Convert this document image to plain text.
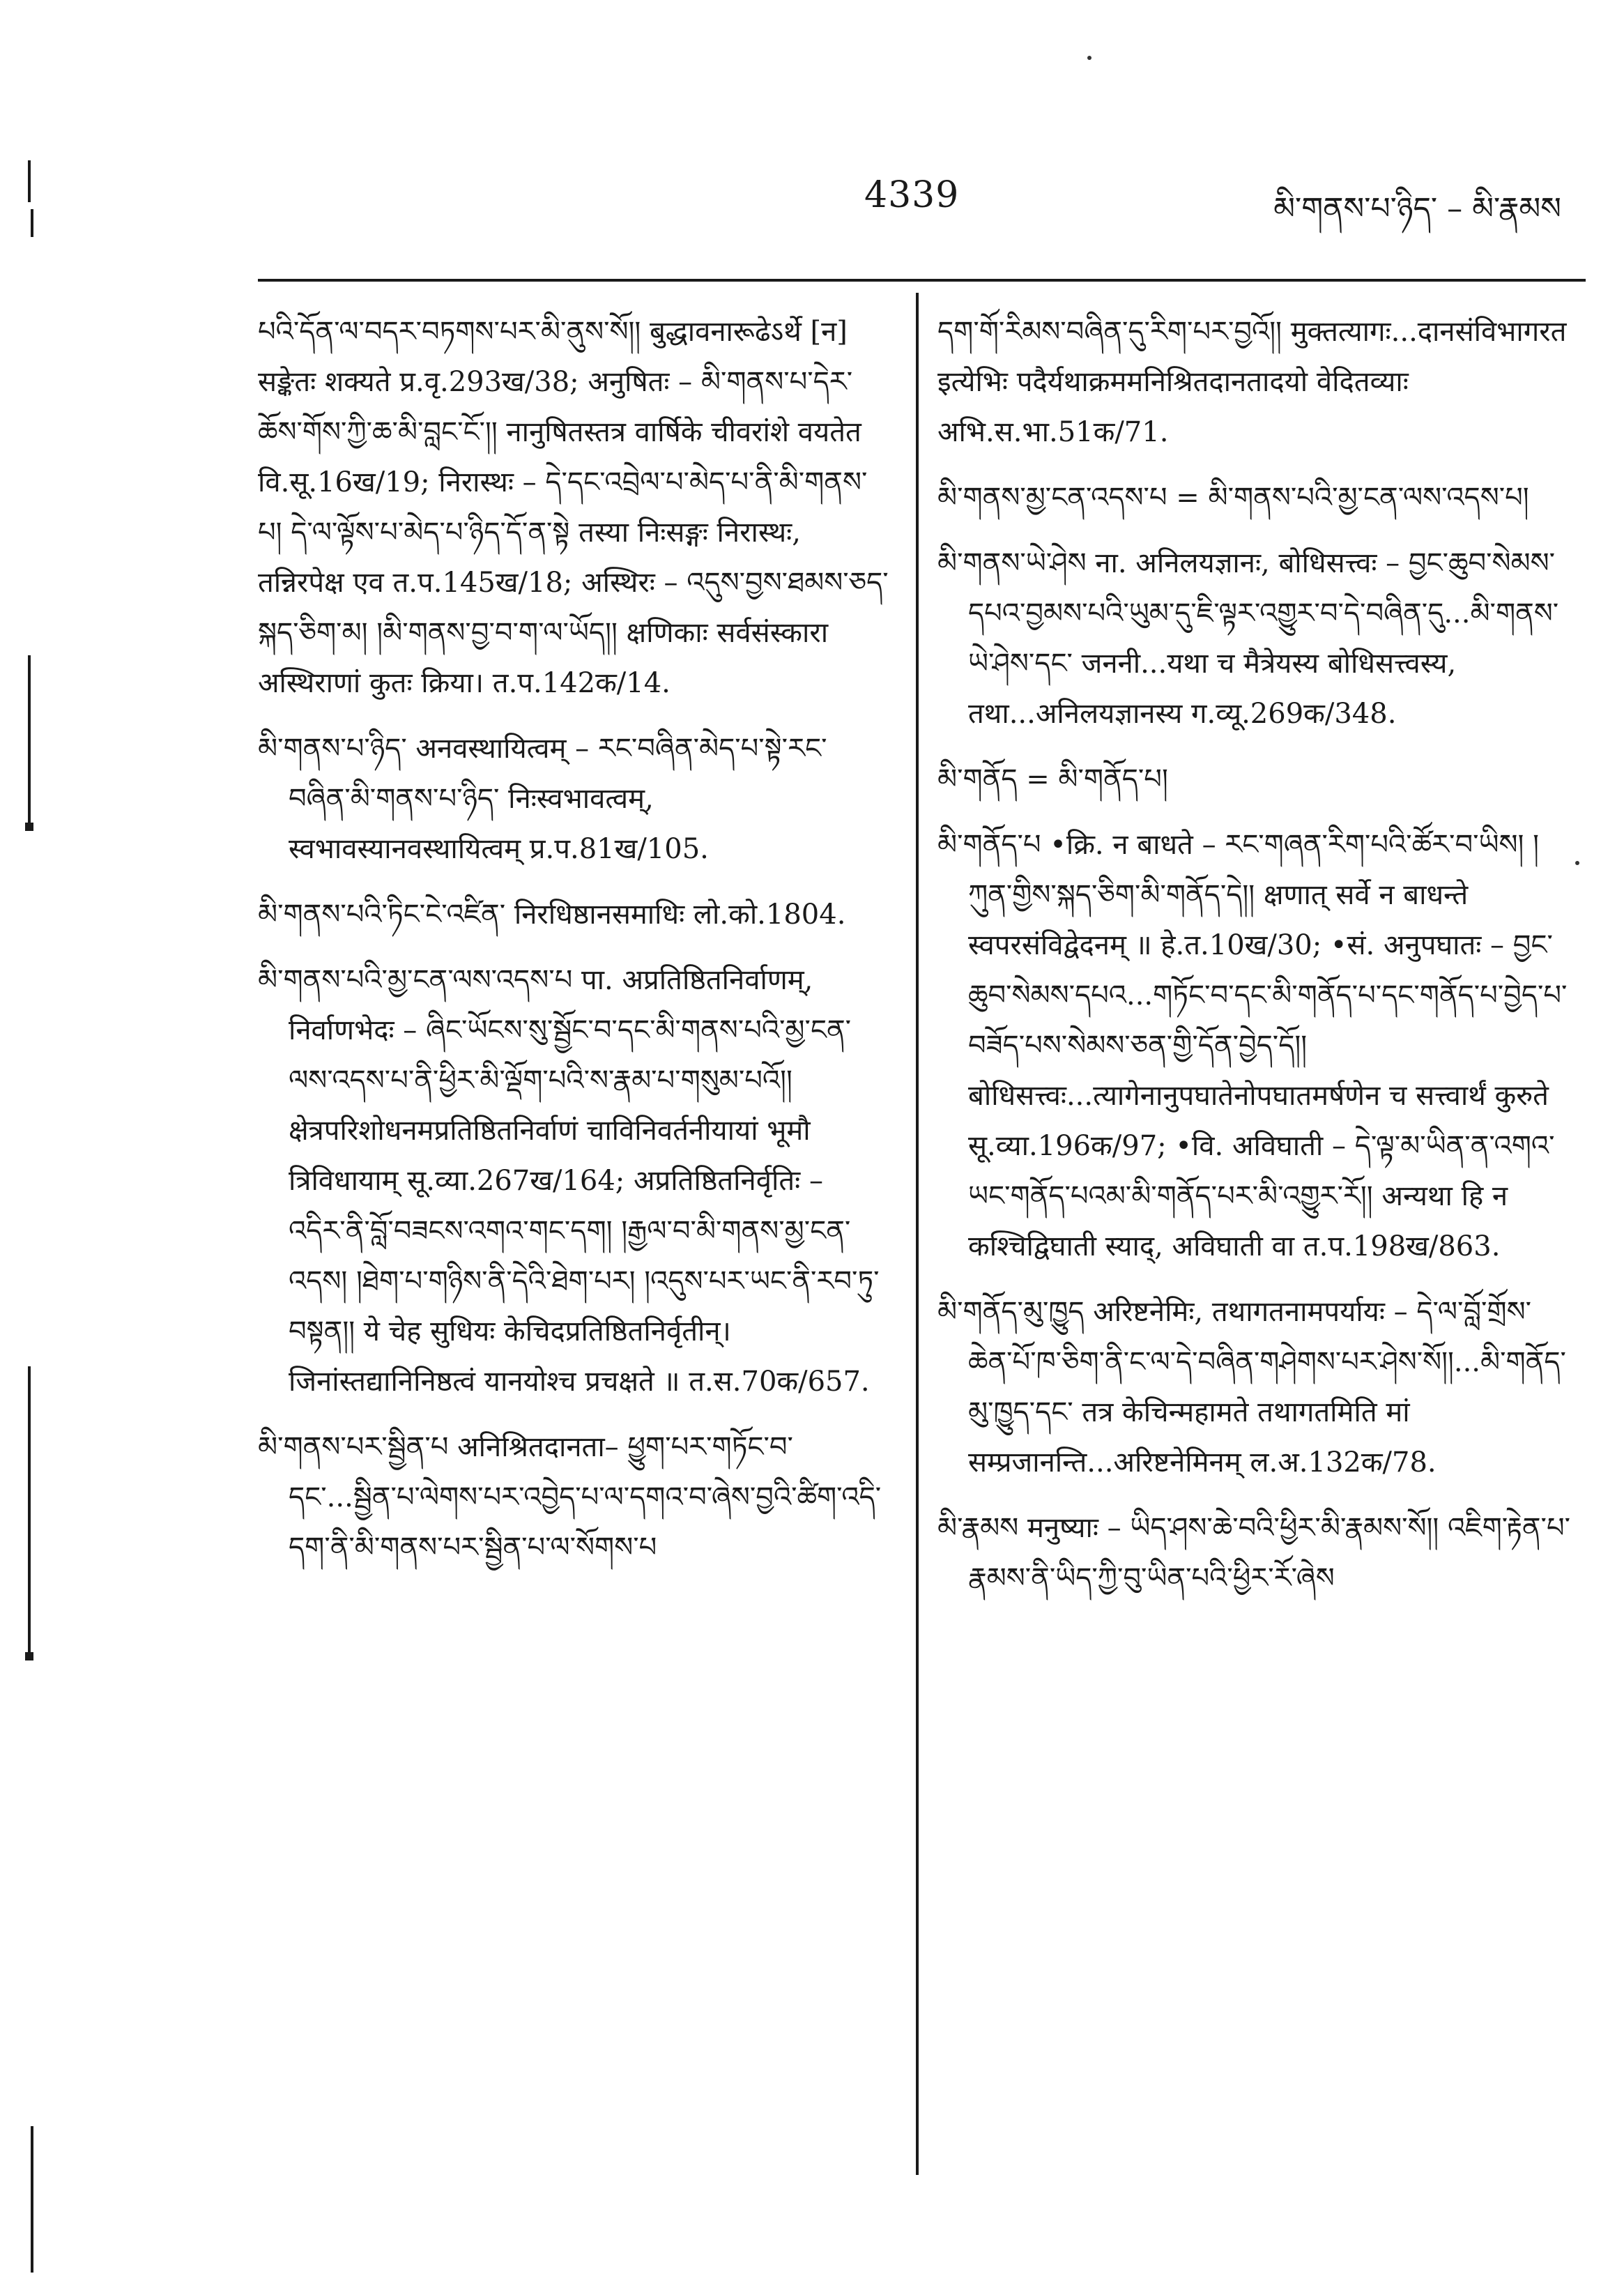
4339	མི་གནས་པ་ཉིད་ – མི་རྣམས

པའི་དོན་ལ་བདར་བཏགས་པར་མི་ནུས་སོ།། बुद्धावनारूढेऽर्थे [न] सङ्केतः शक्यते प्र.वृ.293ख/38; अनुषितः – མི་གནས་པ་དེར་ཆོས་གོས་ཀྱི་ཆ་མི་བླང་ངོ་།། नानुषितस्तत्र वार्षिके चीवरांशे वयतेत वि.सू.16ख/19; निरास्थः – དེ་དང་འབྲེལ་པ་མེད་པ་ནི་མི་གནས་པ། དེ་ལ་ལྟོས་པ་མེད་པ་ཉིད་དོ་ན་སྟེ तस्या निःसङ्गः निरास्थः, तन्निरपेक्ष एव त.प.145ख/18; अस्थिरः – འདུས་བྱས་ཐམས་ཅད་སྐད་ཅིག་མ། །མི་གནས་བྱ་བ་ག་ལ་ཡོད།། क्षणिकाः सर्वसंस्कारा अस्थिराणां कुतः क्रिया। त.प.142क/14.

མི་གནས་པ་ཉིད་ अनवस्थायित्वम् – རང་བཞིན་མེད་པ་སྟེ་རང་བཞིན་མི་གནས་པ་ཉིད་ निःस्वभावत्वम्, स्वभावस्यानवस्थायित्वम् प्र.प.81ख/105.

མི་གནས་པའི་ཏིང་ངེ་འཛིན་ निरधिष्ठानसमाधिः लो.को.1804.

མི་གནས་པའི་མྱ་ངན་ལས་འདས་པ पा. अप्रतिष्ठितनिर्वाणम्, निर्वाणभेदः – ཞིང་ཡོངས་སུ་སྦྱོང་བ་དང་མི་གནས་པའི་མྱ་ངན་ལས་འདས་པ་ནི་ཕྱིར་མི་ལྡོག་པའི་ས་རྣམ་པ་གསུམ་པའོ།། क्षेत्रपरिशोधनमप्रतिष्ठितनिर्वाणं चाविनिवर्तनीयायां भूमौ त्रिविधायाम् सू.व्या.267ख/164; अप्रतिष्ठितनिर्वृतिः – འདིར་ནི་བློ་བཟངས་འགའ་གང་དག། །རྒྱལ་བ་མི་གནས་མྱ་ངན་འདས། །ཐེག་པ་གཉིས་ནི་དེའི་ཐེག་པར། །འདུས་པར་ཡང་ནི་རབ་ཏུ་བསྟན།། ये चेह सुधियः केचिदप्रतिष्ठितनिर्वृतीन्। जिनांस्तद्यानिनिष्ठत्वं यानयोश्च प्रचक्षते ॥ त.स.70क/657.

མི་གནས་པར་སྦྱིན་པ अनिश्रितदानता– ཕྱུག་པར་གཏོང་བ་དང་...སྦྱིན་པ་ལེགས་པར་འབྱེད་པ་ལ་དགའ་བ་ཞེས་བྱའི་ཚིག་འདི་དག་ནི་མི་གནས་པར་སྦྱིན་པ་ལ་སོགས་པ

དག་གོ་རིམས་བཞིན་དུ་རིག་པར་བྱའོ།། मुक्तत्यागः...दानसंविभागरत इत्येभिः पदैर्यथाक्रममनिश्रितदानतादयो वेदितव्याः अभि.स.भा.51क/71.

མི་གནས་མྱ་ངན་འདས་པ = མི་གནས་པའི་མྱ་ངན་ལས་འདས་པ།

མི་གནས་ཡེ་ཤེས ना. अनिलयज्ञानः, बोधिसत्त्वः – བྱང་ཆུབ་སེམས་དཔའ་བྱམས་པའི་ཡུམ་དུ་ཇི་ལྟར་འགྱུར་བ་དེ་བཞིན་དུ...མི་གནས་ཡེ་ཤེས་དང་ जननी...यथा च मैत्रेयस्य बोधिसत्त्वस्य, तथा...अनिलयज्ञानस्य ग.व्यू.269क/348.

མི་གནོད = མི་གནོད་པ།

མི་གནོད་པ •क्रि. न बाधते – རང་གཞན་རིག་པའི་ཚོར་བ་ཡིས། །ཀུན་གྱིས་སྐད་ཅིག་མི་གནོད་དེ།། क्षणात् सर्वे न बाधन्ते स्वपरसंविद्वेदनम् ॥ हे.त.10ख/30; •सं. अनुपघातः – བྱང་ཆུབ་སེམས་དཔའ...གཏོང་བ་དང་མི་གནོད་པ་དང་གནོད་པ་བྱེད་པ་བཟོད་པས་སེམས་ཅན་གྱི་དོན་བྱེད་དོ།། बोधिसत्त्वः...त्यागेनानुपघातेनोपघातमर्षणेन च सत्त्वार्थं कुरुते सू.व्या.196क/97; •वि. अविघाती – དེ་ལྟ་མ་ཡིན་ན་འགའ་ཡང་གནོད་པའམ་མི་གནོད་པར་མི་འགྱུར་རོ།། अन्यथा हि न कश्चिद्विघाती स्याद्, अविघाती वा त.प.198ख/863.

མི་གནོད་མུ་ཁྱུད अरिष्टनेमिः, तथागतनामपर्यायः – དེ་ལ་བློ་གྲོས་ཆེན་པོ་ཁ་ཅིག་ནི་ང་ལ་དེ་བཞིན་གཤེགས་པར་ཤེས་སོ།།...མི་གནོད་མུ་ཁྱུད་དང་ तत्र केचिन्महामते तथागतमिति मां सम्प्रजानन्ति...अरिष्टनेमिनम् ल.अ.132क/78.

མི་རྣམས मनुष्याः – ཡིད་ཤས་ཆེ་བའི་ཕྱིར་མི་རྣམས་སོ།། འཇིག་རྟེན་པ་རྣམས་ནི་ཡིད་ཀྱི་བུ་ཡིན་པའི་ཕྱིར་རོ་ཞེས
